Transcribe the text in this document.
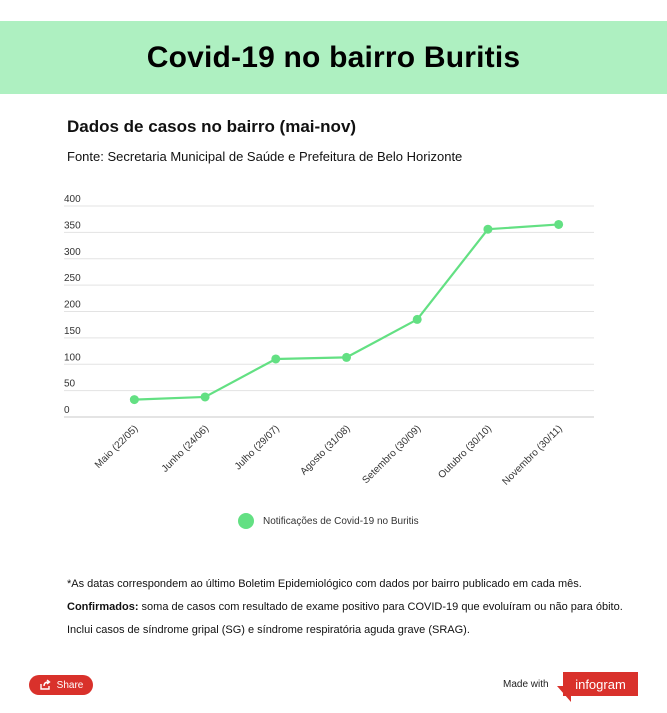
Covid-19 no bairro Buritis

Dados de casos no bairro (mai-nov)

Fonte: Secretaria Municipal de Saúde e Prefeitura de Belo Horizonte

0
50
100
150
200
250
300
350
400
Maio (22/05) Junho (24/06) Julho (29/07) Agosto (31/08) Setembro (30/09) Outubro (30/10) Novembro (30/11)
Notificações de Covid-19 no Buritis

*As datas correspondem ao último Boletim Epidemiológico com dados por bairro publicado em cada mês.

Confirmados: soma de casos com resultado de exame positivo para COVID-19 que evoluíram ou não para óbito.

Inclui casos de síndrome gripal (SG) e síndrome respiratória aguda grave (SRAG).

Share	Made with	infogram
